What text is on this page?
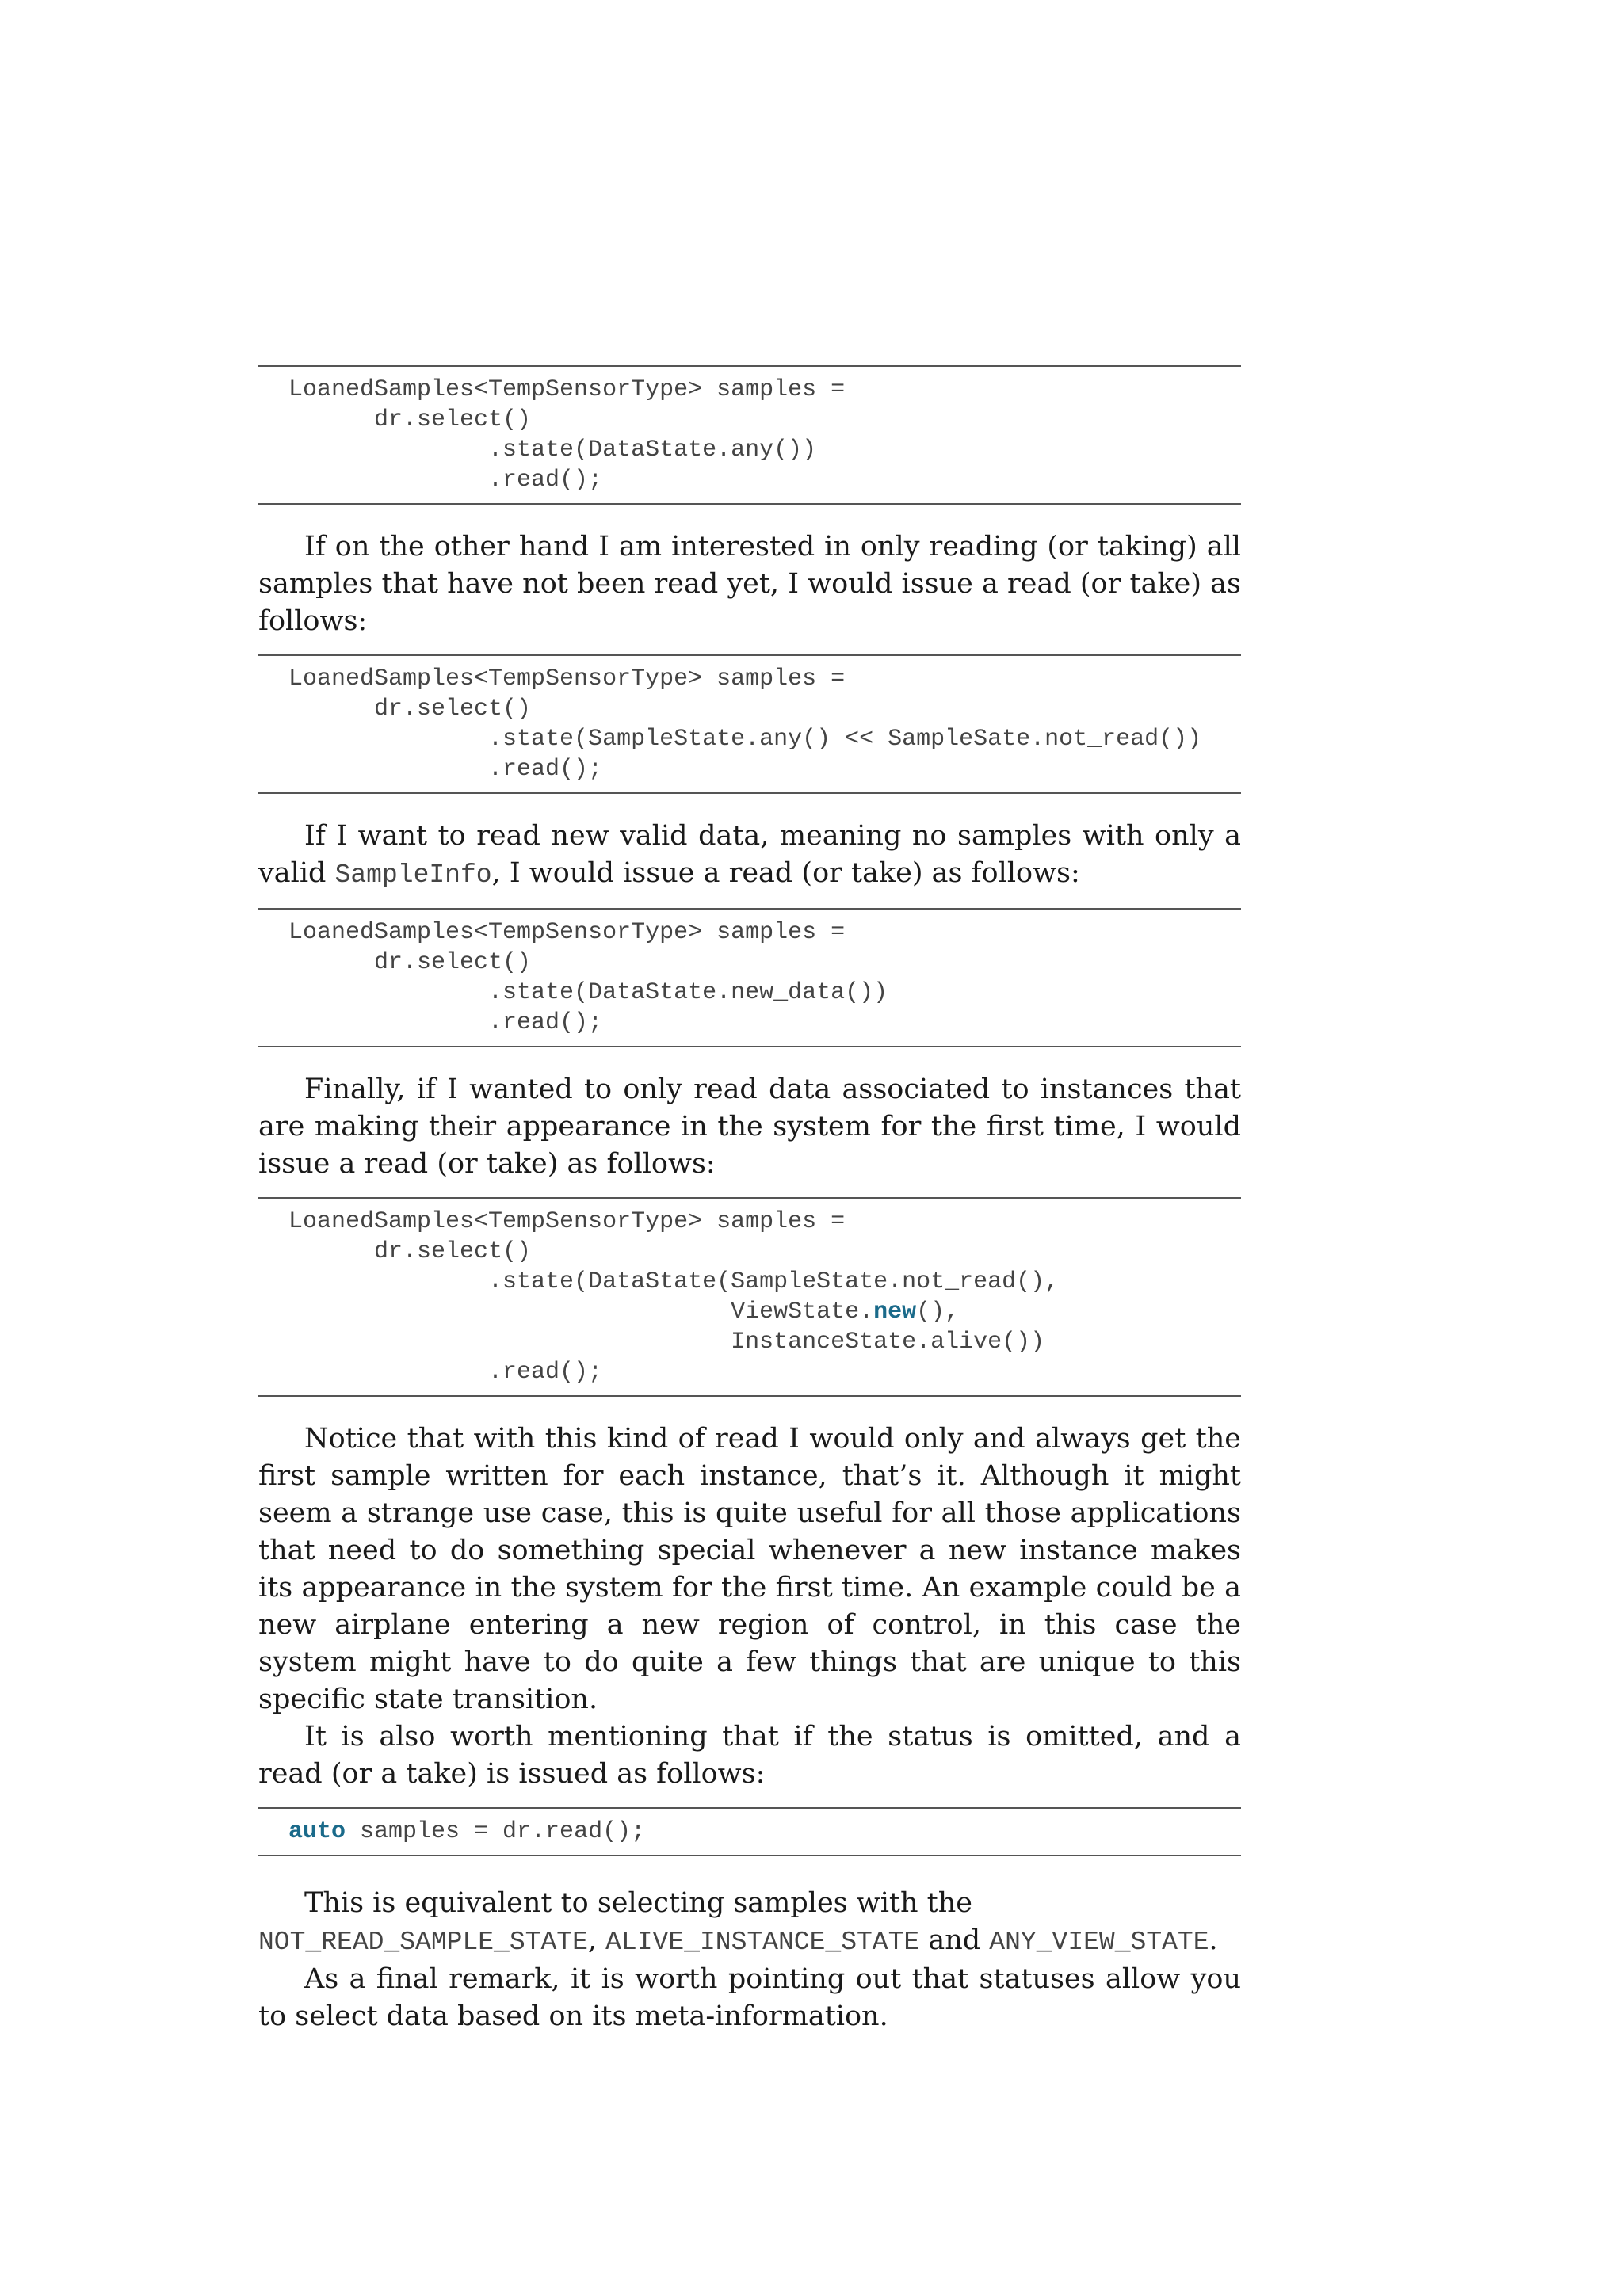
LoanedSamples<TempSensorType> samples =
dr.select()
.state(DataState.any())
.read();

If on the other hand I am interested in only reading (or taking) all samples that have not been read yet, I would issue a read (or take) as follows:

LoanedSamples<TempSensorType> samples =
dr.select()
.state(SampleState.any() << SampleSate.not_read())
.read();

If I want to read new valid data, meaning no samples with only a valid SampleInfo, I would issue a read (or take) as follows:

LoanedSamples<TempSensorType> samples =
dr.select()
.state(DataState.new_data())
.read();

Finally, if I wanted to only read data associated to instances that are making their appearance in the system for the first time, I would issue a read (or take) as follows:

LoanedSamples<TempSensorType> samples =
dr.select()
.state(DataState(SampleState.not_read(),
ViewState.new(),
InstanceState.alive())
.read();

Notice that with this kind of read I would only and always get the first sample written for each instance, that’s it. Although it might seem a strange use case, this is quite useful for all those applications that need to do something special whenever a new instance makes its appearance in the system for the first time. An example could be a new airplane entering a new region of control, in this case the system might have to do quite a few things that are unique to this specific state transition.

It is also worth mentioning that if the status is omitted, and a read (or a take) is issued as follows:

auto samples = dr.read();

This is equivalent to selecting samples with the NOT_READ_SAMPLE_STATE, ALIVE_INSTANCE_STATE and ANY_VIEW_STATE.

As a final remark, it is worth pointing out that statuses allow you to select data based on its meta-information.
